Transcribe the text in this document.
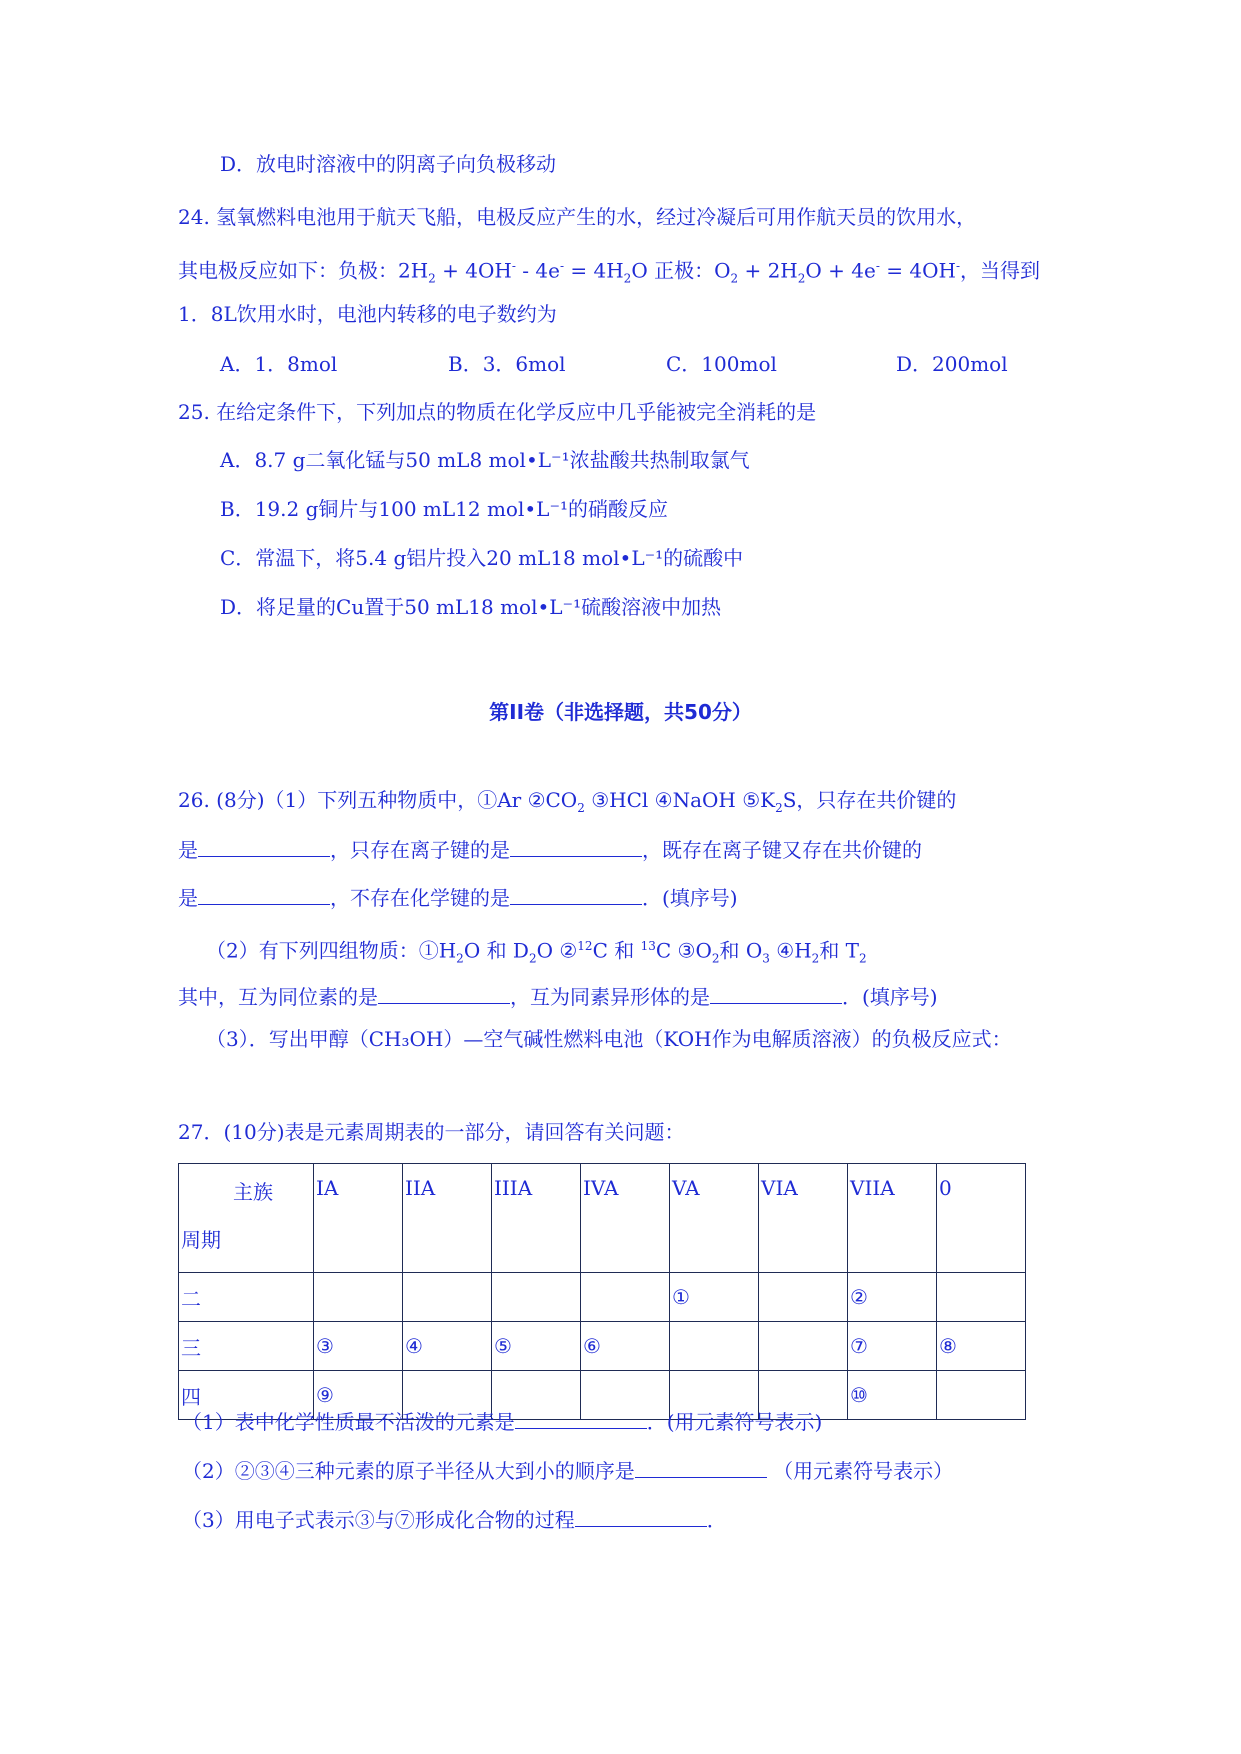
D．放电时溶液中的阴离子向负极移动
24. 氢氧燃料电池用于航天飞船，电极反应产生的水，经过冷凝后可用作航天员的饮用水，
其电极反应如下：负极：$2H_2 + 4OH^- - 4e^- = 4H_2O$ 正极：$O_2 + 2H_2O + 4e^- = 4OH^-$，当得到
1．8L饮用水时，电池内转移的电子数约为
A．1．8mol	B．3．6mol	C．100mol	D．200mol
25. 在给定条件下，下列加点的物质在化学反应中几乎能被完全消耗的是
A．8.7 g二氧化锰与50 mL8 mol•L⁻¹浓盐酸共热制取氯气
B．19.2 g铜片与100 mL12 mol•L⁻¹的硝酸反应
C．常温下，将5.4 g铝片投入20 mL18 mol•L⁻¹的硫酸中
D．将足量的Cu置于50 mL18 mol•L⁻¹硫酸溶液中加热
第II卷（非选择题，共50分）
26. (8分)（1）下列五种物质中，①Ar $②CO_2$ ③HCl ④NaOH $⑤K_2S$，只存在共价键的
是	，只存在离子键的是	，既存在离子键又存在共价键的
是	，不存在化学键的是	．(填序号)
（2）有下列四组物质：$①H_2O$ 和 $D_2O$ ②$^{12}$C 和 $^{13}$C $③O_2$和 $O_3$ $④H_2$和 $T_2$
其中，互为同位素的是	，互为同素异形体的是	．(填序号)
（3）．写出甲醇（CH₃OH）—空气碱性燃料电池（KOH作为电解质溶液）的负极反应式：
27．(10分)表是元素周期表的一部分，请回答有关问题：
主族
周期	IA	IIA	IIIA	IVA	VA	VIA	VIIA	0
二					①		②	
三	③	④	⑤	⑥			⑦	⑧
四	⑨						⑩	
（1）表中化学性质最不活泼的元素是	．(用元素符号表示)
（2）②③④三种元素的原子半径从大到小的顺序是	（用元素符号表示）
（3）用电子式表示③与⑦形成化合物的过程	．
